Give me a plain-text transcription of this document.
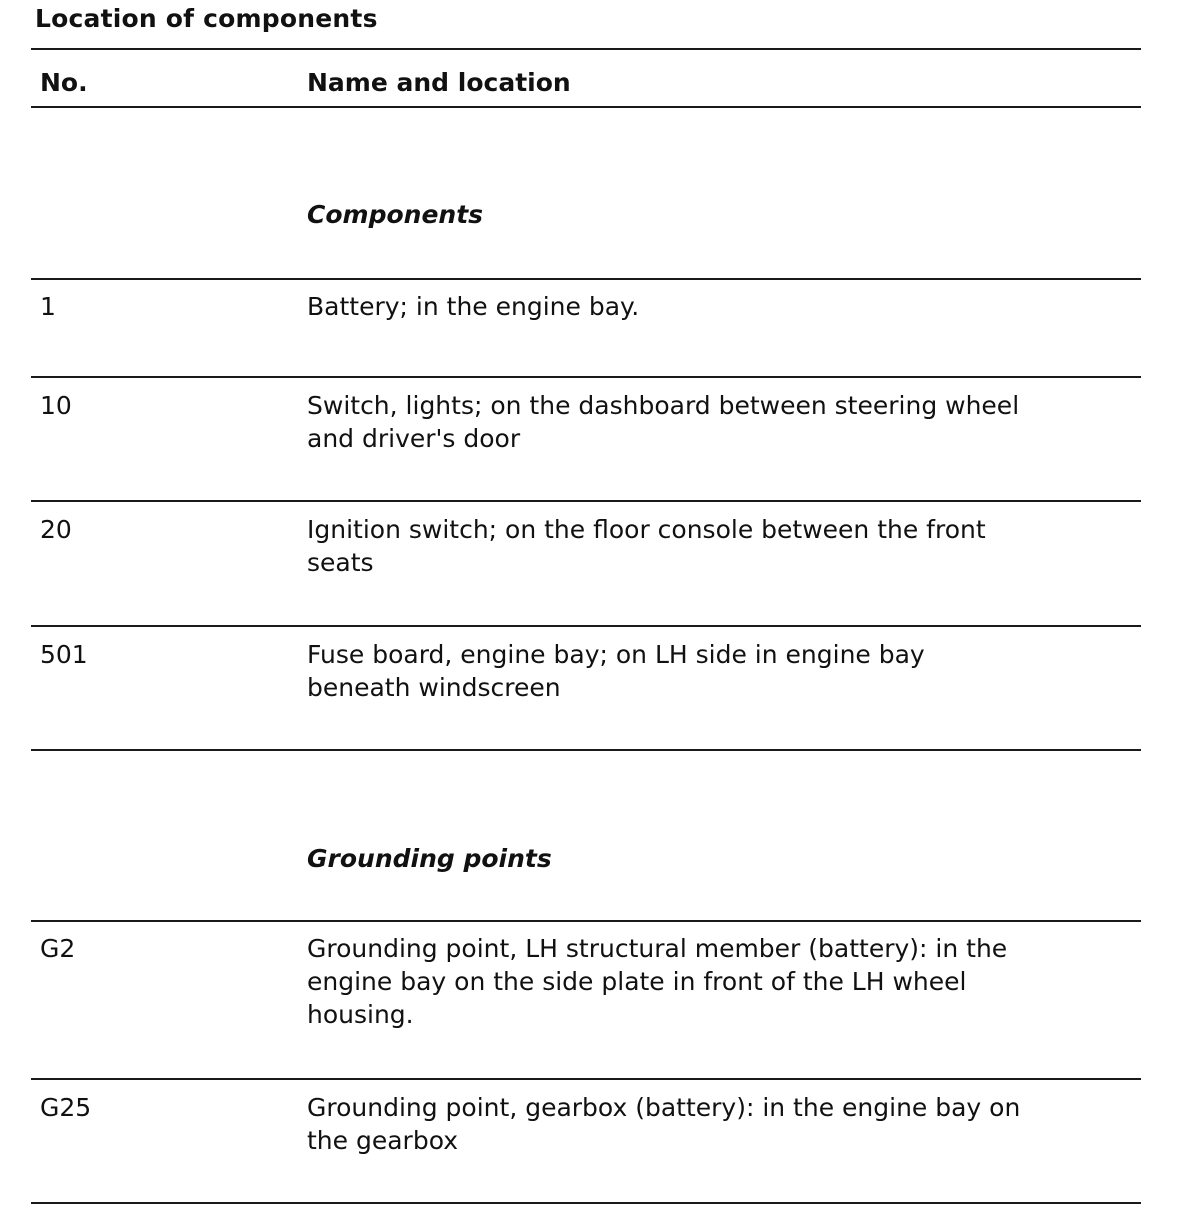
Location of components
No.	Name and location
Components
1	Battery; in the engine bay.
10	Switch, lights; on the dashboard between steering wheel
and driver's door
20	Ignition switch; on the floor console between the front
seats
501	Fuse board, engine bay; on LH side in engine bay
beneath windscreen
Grounding points
G2	Grounding point, LH structural member (battery): in the
engine bay on the side plate in front of the LH wheel
housing.
G25	Grounding point, gearbox (battery): in the engine bay on
the gearbox
